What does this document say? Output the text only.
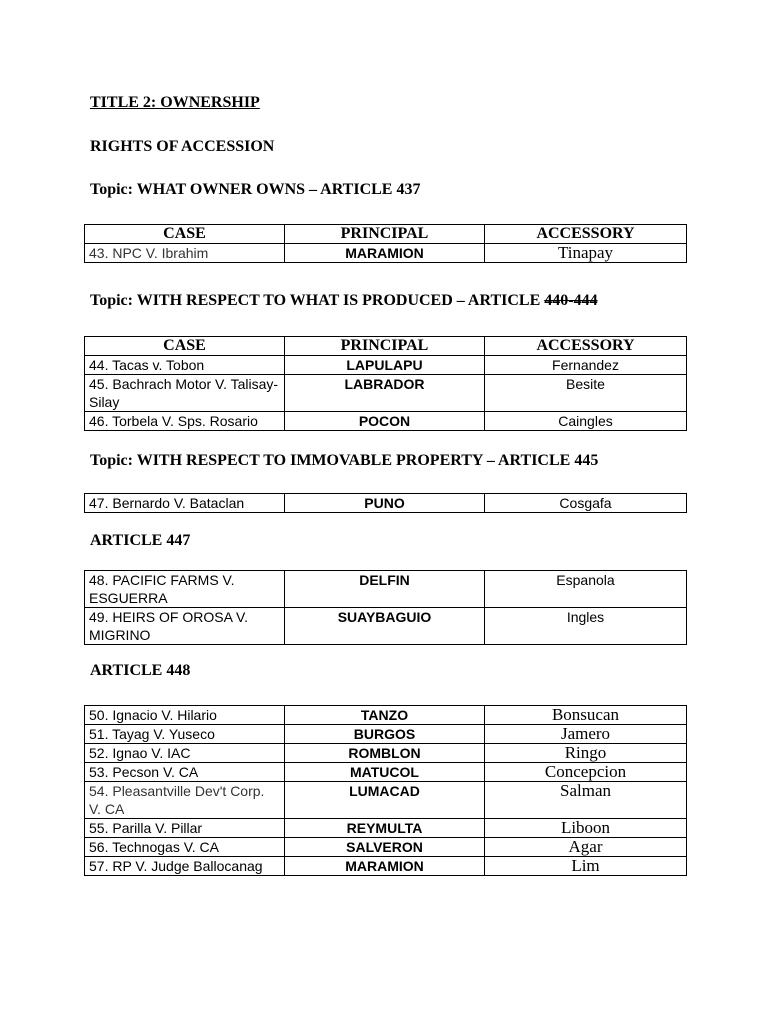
TITLE 2: OWNERSHIP
RIGHTS OF ACCESSION
Topic: WHAT OWNER OWNS – ARTICLE 437
CASE	PRINCIPAL	ACCESSORY
43. NPC V. Ibrahim	MARAMION	Tinapay
Topic: WITH RESPECT TO WHAT IS PRODUCED – ARTICLE 440-444
CASE	PRINCIPAL	ACCESSORY
44. Tacas v. Tobon	LAPULAPU	Fernandez
45. Bachrach Motor V. Talisay-Silay	LABRADOR	Besite
46. Torbela V. Sps. Rosario	POCON	Caingles
Topic: WITH RESPECT TO IMMOVABLE PROPERTY – ARTICLE 445
47. Bernardo V. Bataclan	PUNO	Cosgafa
ARTICLE 447
48. PACIFIC FARMS V. ESGUERRA	DELFIN	Espanola
49. HEIRS OF OROSA V. MIGRINO	SUAYBAGUIO	Ingles
ARTICLE 448
50. Ignacio V. Hilario	TANZO	Bonsucan
51. Tayag V. Yuseco	BURGOS	Jamero
52. Ignao V. IAC	ROMBLON	Ringo
53. Pecson V. CA	MATUCOL	Concepcion
54. Pleasantville Dev't Corp. V. CA	LUMACAD	Salman
55. Parilla V. Pillar	REYMULTA	Liboon
56. Technogas V. CA	SALVERON	Agar
57. RP V. Judge Ballocanag	MARAMION	Lim
